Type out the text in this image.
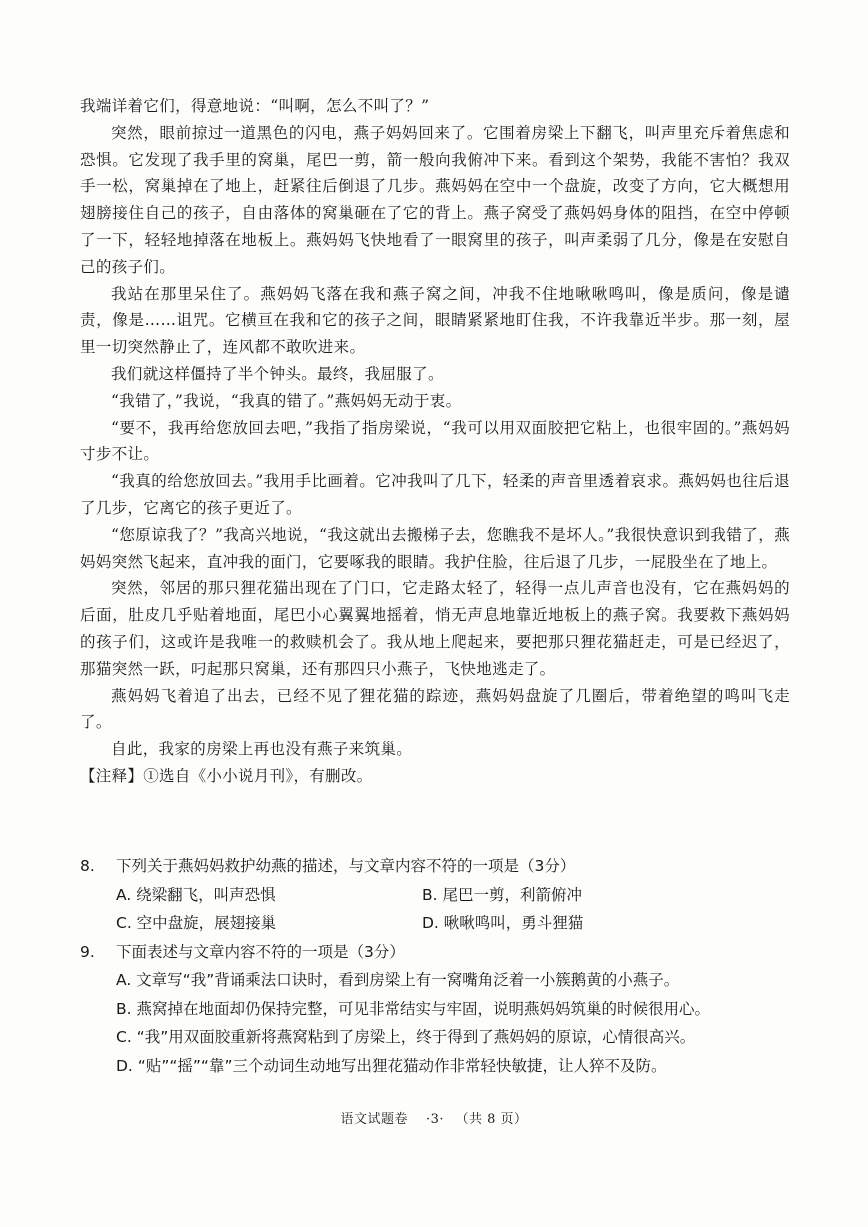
我端详着它们，得意地说：“叫啊，怎么不叫了？”

突然，眼前掠过一道黑色的闪电，燕子妈妈回来了。它围着房梁上下翻飞，叫声里充斥着焦虑和恐惧。它发现了我手里的窝巢，尾巴一剪，箭一般向我俯冲下来。看到这个架势，我能不害怕？我双手一松，窝巢掉在了地上，赶紧往后倒退了几步。燕妈妈在空中一个盘旋，改变了方向，它大概想用翅膀接住自己的孩子，自由落体的窝巢砸在了它的背上。燕子窝受了燕妈妈身体的阻挡，在空中停顿了一下，轻轻地掉落在地板上。燕妈妈飞快地看了一眼窝里的孩子，叫声柔弱了几分，像是在安慰自己的孩子们。

我站在那里呆住了。燕妈妈飞落在我和燕子窝之间，冲我不住地啾啾鸣叫，像是质问，像是谴责，像是……诅咒。它横亘在我和它的孩子之间，眼睛紧紧地盯住我，不许我靠近半步。那一刻，屋里一切突然静止了，连风都不敢吹进来。

我们就这样僵持了半个钟头。最终，我屈服了。

“我错了，”我说，“我真的错了。”燕妈妈无动于衷。

“要不，我再给您放回去吧，”我指了指房梁说，“我可以用双面胶把它粘上，也很牢固的。”燕妈妈寸步不让。

“我真的给您放回去。”我用手比画着。它冲我叫了几下，轻柔的声音里透着哀求。燕妈妈也往后退了几步，它离它的孩子更近了。

“您原谅我了？”我高兴地说，“我这就出去搬梯子去，您瞧我不是坏人。”我很快意识到我错了，燕妈妈突然飞起来，直冲我的面门，它要啄我的眼睛。我护住脸，往后退了几步，一屁股坐在了地上。

突然，邻居的那只狸花猫出现在了门口，它走路太轻了，轻得一点儿声音也没有，它在燕妈妈的后面，肚皮几乎贴着地面，尾巴小心翼翼地摇着，悄无声息地靠近地板上的燕子窝。我要救下燕妈妈的孩子们，这或许是我唯一的救赎机会了。我从地上爬起来，要把那只狸花猫赶走，可是已经迟了，那猫突然一跃，叼起那只窝巢，还有那四只小燕子，飞快地逃走了。

燕妈妈飞着追了出去，已经不见了狸花猫的踪迹，燕妈妈盘旋了几圈后，带着绝望的鸣叫飞走了。

自此，我家的房梁上再也没有燕子来筑巢。

【注释】①选自《小小说月刊》，有删改。

8. 下列关于燕妈妈救护幼燕的描述，与文章内容不符的一项是（3分）

A. 绕梁翻飞，叫声恐惧	B. 尾巴一剪，利箭俯冲
C. 空中盘旋，展翅接巢	D. 啾啾鸣叫，勇斗狸猫

9. 下面表述与文章内容不符的一项是（3分）

A. 文章写“我”背诵乘法口诀时，看到房梁上有一窝嘴角泛着一小簇鹅黄的小燕子。
B. 燕窝掉在地面却仍保持完整，可见非常结实与牢固，说明燕妈妈筑巢的时候很用心。
C. “我”用双面胶重新将燕窝粘到了房梁上，终于得到了燕妈妈的原谅，心情很高兴。
D. “贴”“摇”“靠”三个动词生动地写出狸花猫动作非常轻快敏捷，让人猝不及防。
语文试题卷 ·3· （共 8 页）
